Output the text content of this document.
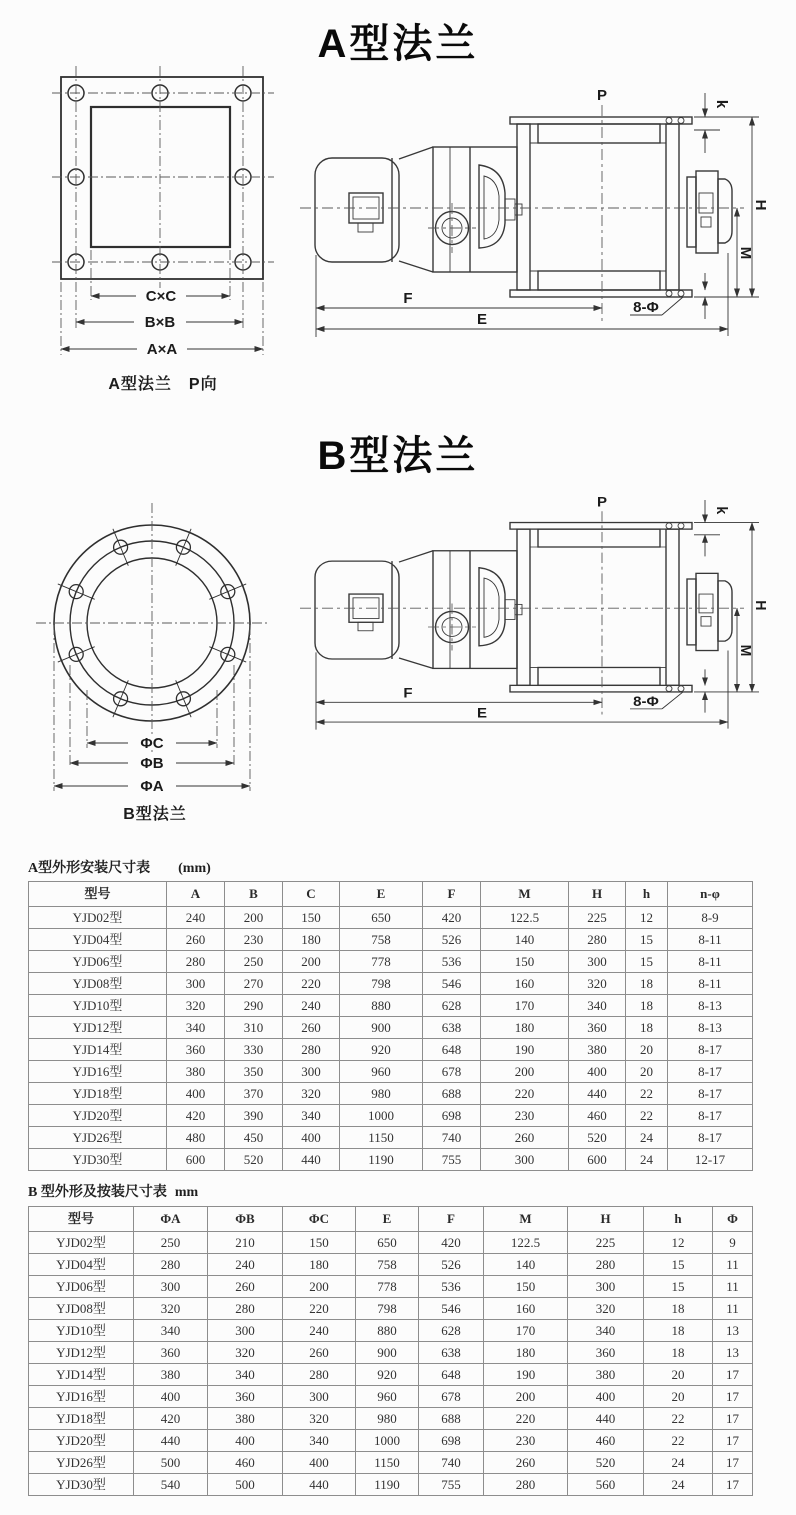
A型法兰
C×C
B×B
A×A
P	k
H
M
F
E
8-Φ
A型法兰　P向
B型法兰
ΦC
ΦB
ΦA
P	k
H
M
F
E
8-Φ
B型法兰
A型外形安装尺寸表 (mm)
型号	A	B	C	E	F	M	H	h	n-φ
YJD02型	240	200	150	650	420	122.5	225	12	8-9
YJD04型	260	230	180	758	526	140	280	15	8-11
YJD06型	280	250	200	778	536	150	300	15	8-11
YJD08型	300	270	220	798	546	160	320	18	8-11
YJD10型	320	290	240	880	628	170	340	18	8-13
YJD12型	340	310	260	900	638	180	360	18	8-13
YJD14型	360	330	280	920	648	190	380	20	8-17
YJD16型	380	350	300	960	678	200	400	20	8-17
YJD18型	400	370	320	980	688	220	440	22	8-17
YJD20型	420	390	340	1000	698	230	460	22	8-17
YJD26型	480	450	400	1150	740	260	520	24	8-17
YJD30型	600	520	440	1190	755	300	600	24	12-17
B 型外形及按装尺寸表 mm
型号	ΦA	ΦB	ΦC	E	F	M	H	h	Φ
YJD02型	250	210	150	650	420	122.5	225	12	9
YJD04型	280	240	180	758	526	140	280	15	11
YJD06型	300	260	200	778	536	150	300	15	11
YJD08型	320	280	220	798	546	160	320	18	11
YJD10型	340	300	240	880	628	170	340	18	13
YJD12型	360	320	260	900	638	180	360	18	13
YJD14型	380	340	280	920	648	190	380	20	17
YJD16型	400	360	300	960	678	200	400	20	17
YJD18型	420	380	320	980	688	220	440	22	17
YJD20型	440	400	340	1000	698	230	460	22	17
YJD26型	500	460	400	1150	740	260	520	24	17
YJD30型	540	500	440	1190	755	280	560	24	17
